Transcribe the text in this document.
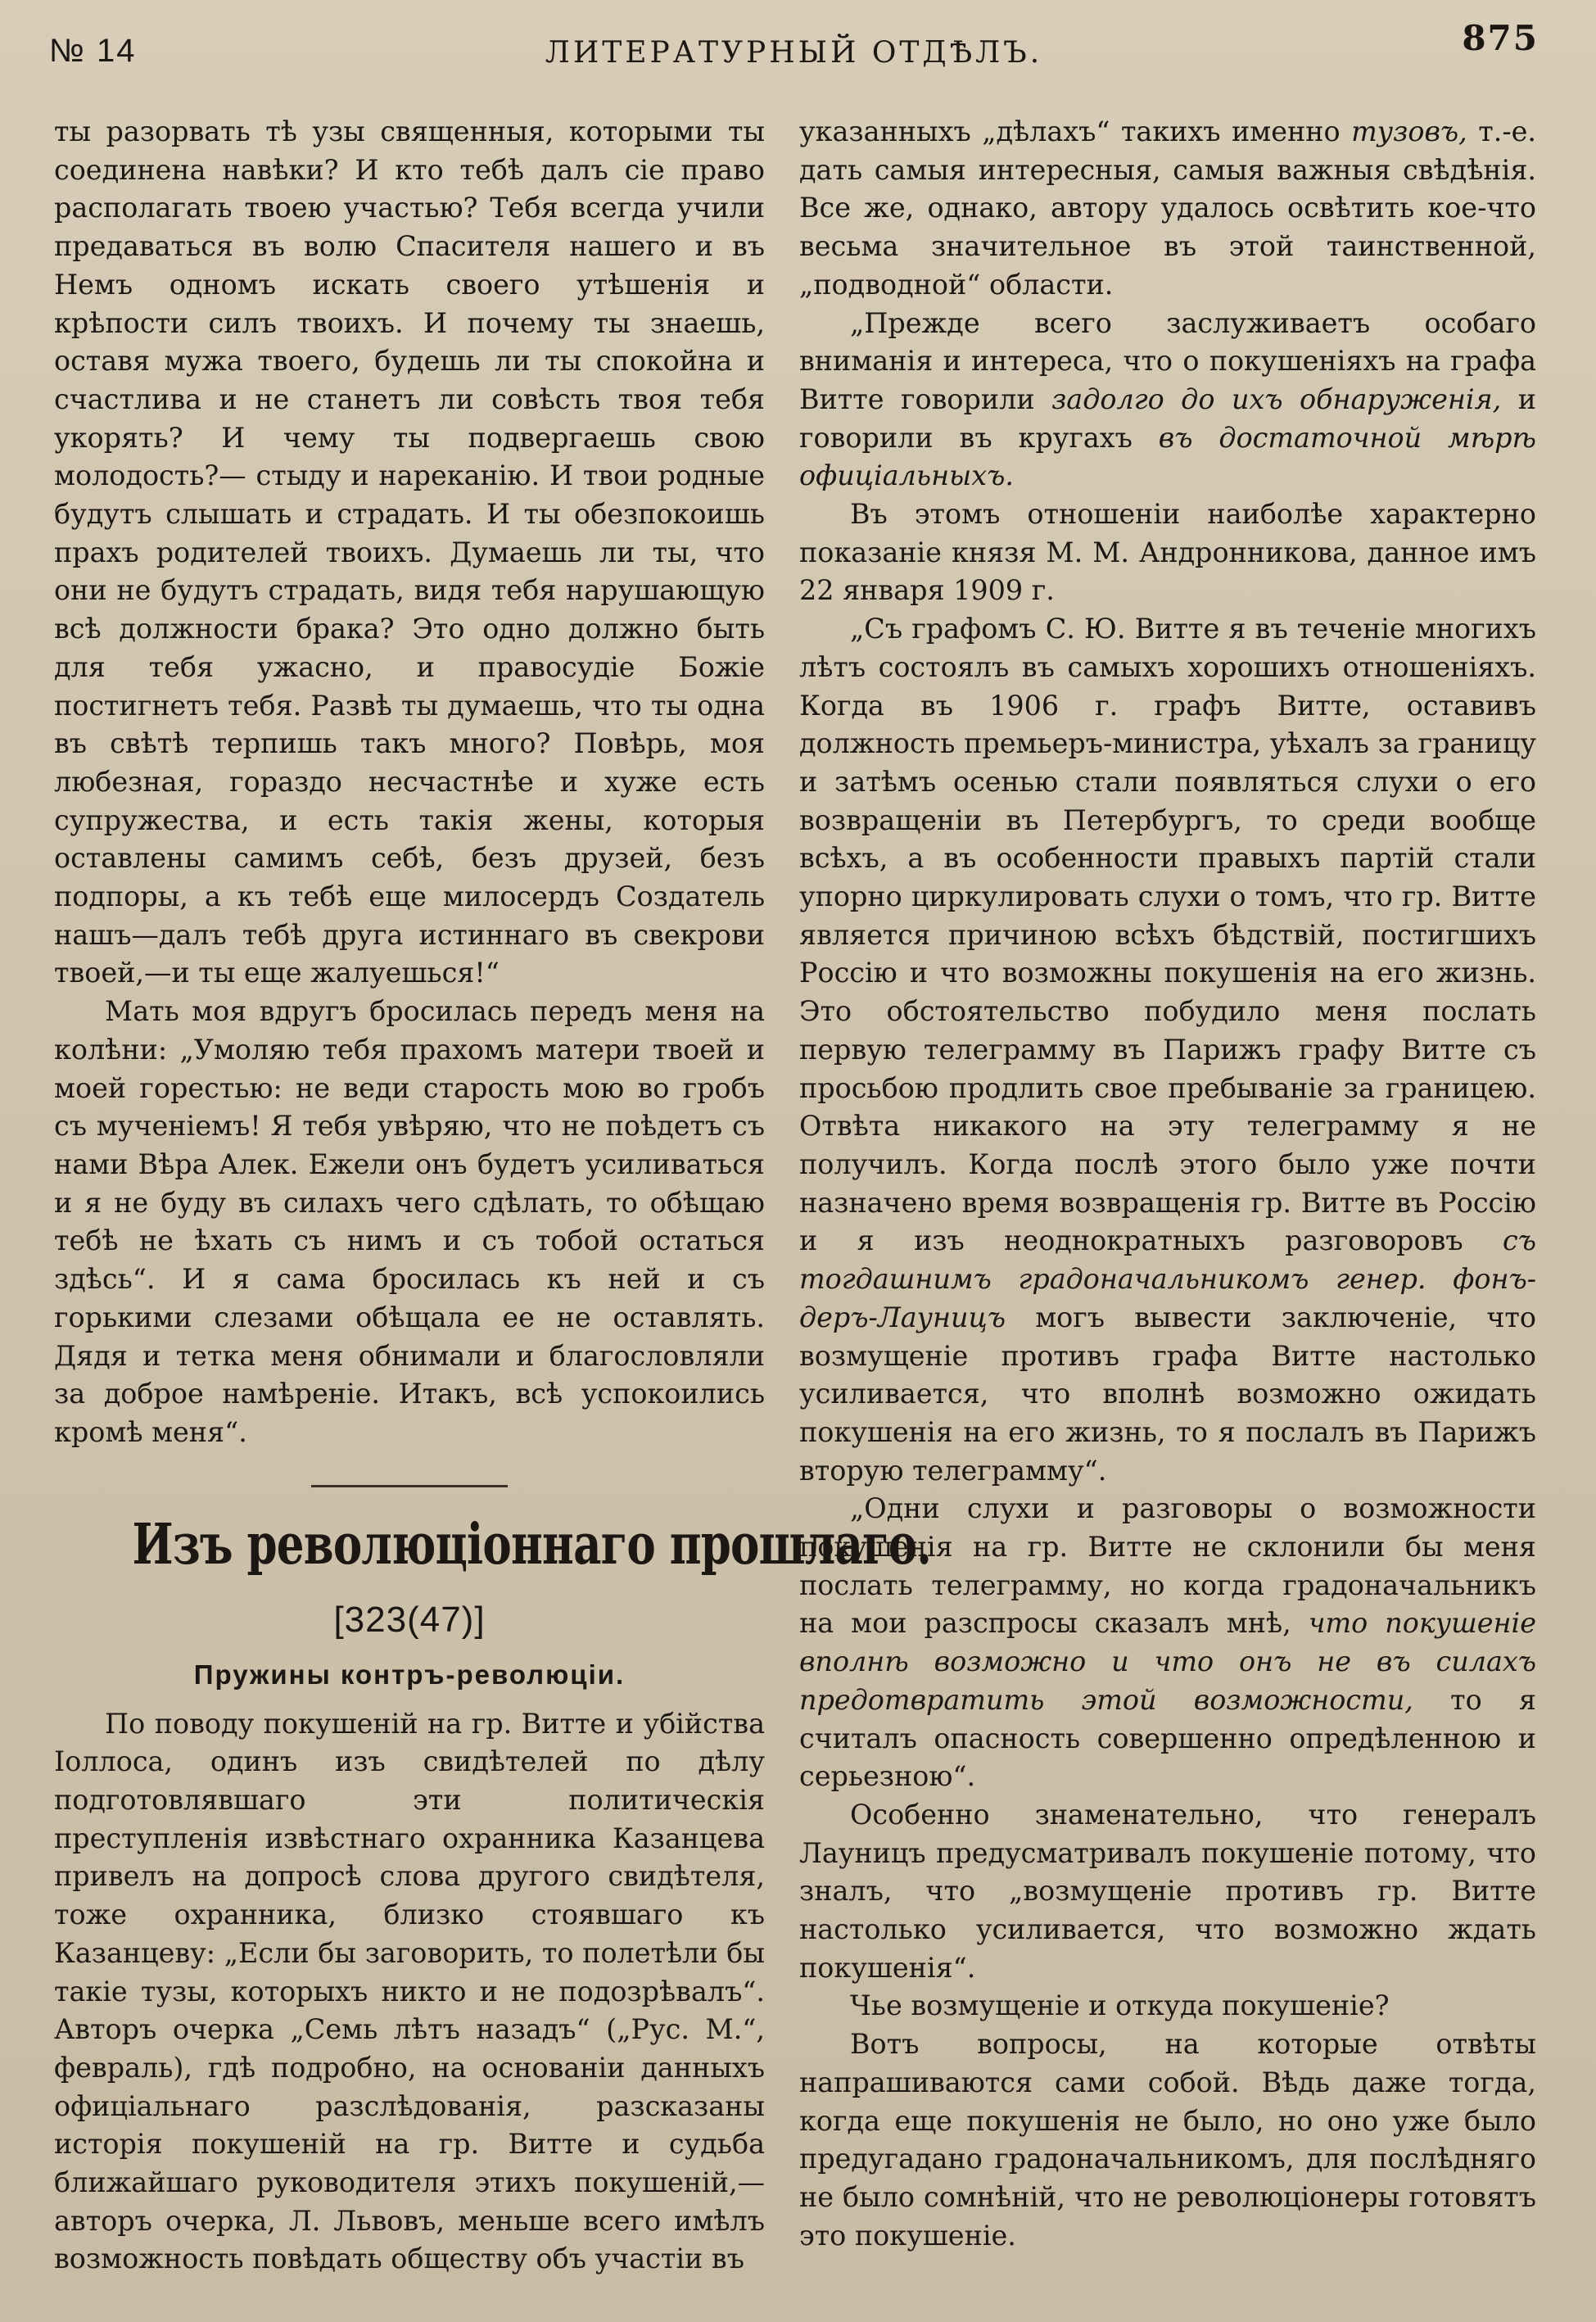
№ 14	ЛИТЕРАТУРНЫЙ ОТДѢЛЪ.	875

ты разорвать тѣ узы священныя, которыми ты соединена навѣки? И кто тебѣ далъ сiе право располагать твоею участью? Тебя всегда учили предаваться въ волю Спасителя нашего и въ Немъ одномъ искать своего утѣшенiя и крѣпости силъ твоихъ. И почему ты знаешь, оставя мужа твоего, будешь ли ты спокойна и счастлива и не станетъ ли совѣсть твоя тебя укорять? И чему ты подвергаешь свою молодость?— стыду и нареканiю. И твои родные будутъ слышать и страдать. И ты обезпокоишь прахъ родителей твоихъ. Думаешь ли ты, что они не будутъ страдать, видя тебя нарушающую всѣ должности брака? Это одно должно быть для тебя ужасно, и правосудiе Божiе постигнетъ тебя. Развѣ ты думаешь, что ты одна въ свѣтѣ терпишь такъ много? Повѣрь, моя любезная, гораздо несчастнѣе и хуже есть супружества, и есть такiя жены, которыя оставлены самимъ себѣ, безъ друзей, безъ подпоры, а къ тебѣ еще милосердъ Создатель нашъ—далъ тебѣ друга истиннаго въ свекрови твоей,—и ты еще жалуешься!“

Мать моя вдругъ бросилась передъ меня на колѣни: „Умоляю тебя прахомъ матери твоей и моей горестью: не веди старость мою во гробъ съ мученiемъ! Я тебя увѣряю, что не поѣдетъ съ нами Вѣра Алек. Ежели онъ будетъ усиливаться и я не буду въ силахъ чего сдѣлать, то обѣщаю тебѣ не ѣхать съ нимъ и съ тобой остаться здѣсь“. И я сама бросилась къ ней и съ горькими слезами обѣщала ее не оставлять. Дядя и тетка меня обнимали и благословляли за доброе намѣренiе. Итакъ, всѣ успокоились кромѣ меня“.

Изъ революцiоннаго прошлаго.
[323(47)]
Пружины контръ-революцiи.

По поводу покушенiй на гр. Витте и убiйства Iоллоса, одинъ изъ свидѣтелей по дѣлу подготовлявшаго эти политическiя преступленiя извѣстнаго охранника Казанцева привелъ на допросѣ слова другого свидѣтеля, тоже охранника, близко стоявшаго къ Казанцеву: „Если бы заговорить, то полетѣли бы такiе тузы, которыхъ никто и не подозрѣвалъ“. Авторъ очерка „Семь лѣтъ назадъ“ („Рус. М.“, февраль), гдѣ подробно, на основанiи данныхъ офицiальнаго разслѣдованiя, разсказаны исторiя покушенiй на гр. Витте и судьба ближайшаго руководителя этихъ покушенiй,—авторъ очерка, Л. Львовъ, меньше всего имѣлъ возможность повѣдать обществу объ участiи въ

указанныхъ „дѣлахъ“ такихъ именно тузовъ, т.-е. дать самыя интересныя, самыя важныя свѣдѣнiя. Все же, однако, автору удалось освѣтить кое-что весьма значительное въ этой таинственной, „подводной“ области.

„Прежде всего заслуживаетъ особаго вниманiя и интереса, что о покушенiяхъ на графа Витте говорили задолго до ихъ обнаруженiя, и говорили въ кругахъ въ достаточной мѣрѣ офицiальныхъ.

Въ этомъ отношенiи наиболѣе характерно показанiе князя М. М. Андронникова, данное имъ 22 января 1909 г.

„Съ графомъ С. Ю. Витте я въ теченiе многихъ лѣтъ состоялъ въ самыхъ хорошихъ отношенiяхъ. Когда въ 1906 г. графъ Витте, оставивъ должность премьеръ-министра, уѣхалъ за границу и затѣмъ осенью стали появляться слухи о его возвращенiи въ Петербургъ, то среди вообще всѣхъ, а въ особенности правыхъ партiй стали упорно циркулировать слухи о томъ, что гр. Витте является причиною всѣхъ бѣдствiй, постигшихъ Россiю и что возможны покушенiя на его жизнь. Это обстоятельство побудило меня послать первую телеграмму въ Парижъ графу Витте съ просьбою продлить свое пребыванiе за границею. Отвѣта никакого на эту телеграмму я не получилъ. Когда послѣ этого было уже почти назначено время возвращенiя гр. Витте въ Россiю и я изъ неоднократныхъ разговоровъ съ тогдашнимъ градоначальникомъ генер. фонъ-деръ-Лауницъ могъ вывести заключенiе, что возмущенiе противъ графа Витте настолько усиливается, что вполнѣ возможно ожидать покушенiя на его жизнь, то я послалъ въ Парижъ вторую телеграмму“.

„Одни слухи и разговоры о возможности покушенiя на гр. Витте не склонили бы меня послать телеграмму, но когда градоначальникъ на мои разспросы сказалъ мнѣ, что покушенiе вполнѣ возможно и что онъ не въ силахъ предотвратить этой возможности, то я считалъ опасность совершенно опредѣленною и серьезною“.

Особенно знаменательно, что генералъ Лауницъ предусматривалъ покушенiе потому, что зналъ, что „возмущенiе противъ гр. Витте настолько усиливается, что возможно ждать покушенiя“.

Чье возмущенiе и откуда покушенiе?

Вотъ вопросы, на которые отвѣты напрашиваются сами собой. Вѣдь даже тогда, когда еще покушенiя не было, но оно уже было предугадано градоначальникомъ, для послѣдняго не было сомнѣнiй, что не революцiонеры готовятъ это покушенiе.
